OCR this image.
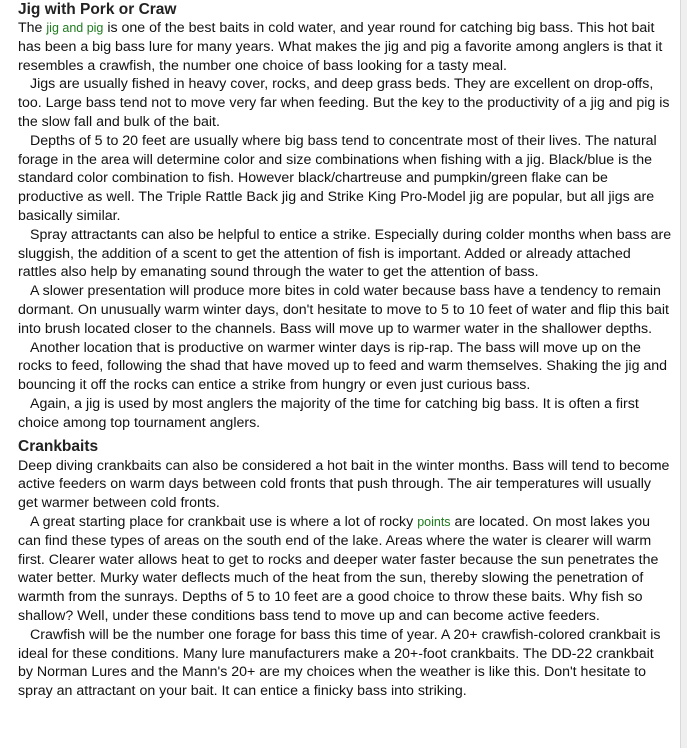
Jig with Pork or Craw

The jig and pig is one of the best baits in cold water, and year round for catching big bass. This hot bait has been a big bass lure for many years. What makes the jig and pig a favorite among anglers is that it resembles a crawfish, the number one choice of bass looking for a tasty meal.

Jigs are usually fished in heavy cover, rocks, and deep grass beds. They are excellent on drop-offs, too. Large bass tend not to move very far when feeding. But the key to the productivity of a jig and pig is the slow fall and bulk of the bait.

Depths of 5 to 20 feet are usually where big bass tend to concentrate most of their lives. The natural forage in the area will determine color and size combinations when fishing with a jig. Black/blue is the standard color combination to fish. However black/chartreuse and pumpkin/green flake can be productive as well. The Triple Rattle Back jig and Strike King Pro-Model jig are popular, but all jigs are basically similar.

Spray attractants can also be helpful to entice a strike. Especially during colder months when bass are sluggish, the addition of a scent to get the attention of fish is important. Added or already attached rattles also help by emanating sound through the water to get the attention of bass.

A slower presentation will produce more bites in cold water because bass have a tendency to remain dormant. On unusually warm winter days, don't hesitate to move to 5 to 10 feet of water and flip this bait into brush located closer to the channels. Bass will move up to warmer water in the shallower depths.

Another location that is productive on warmer winter days is rip-rap. The bass will move up on the rocks to feed, following the shad that have moved up to feed and warm themselves. Shaking the jig and bouncing it off the rocks can entice a strike from hungry or even just curious bass.

Again, a jig is used by most anglers the majority of the time for catching big bass. It is often a first choice among top tournament anglers.

Crankbaits

Deep diving crankbaits can also be considered a hot bait in the winter months. Bass will tend to become active feeders on warm days between cold fronts that push through. The air temperatures will usually get warmer between cold fronts.

A great starting place for crankbait use is where a lot of rocky points are located. On most lakes you can find these types of areas on the south end of the lake. Areas where the water is clearer will warm first. Clearer water allows heat to get to rocks and deeper water faster because the sun penetrates the water better. Murky water deflects much of the heat from the sun, thereby slowing the penetration of warmth from the sunrays. Depths of 5 to 10 feet are a good choice to throw these baits. Why fish so shallow? Well, under these conditions bass tend to move up and can become active feeders.

Crawfish will be the number one forage for bass this time of year. A 20+ crawfish-colored crankbait is ideal for these conditions. Many lure manufacturers make a 20+-foot crankbaits. The DD-22 crankbait by Norman Lures and the Mann's 20+ are my choices when the weather is like this. Don't hesitate to spray an attractant on your bait. It can entice a finicky bass into striking.
